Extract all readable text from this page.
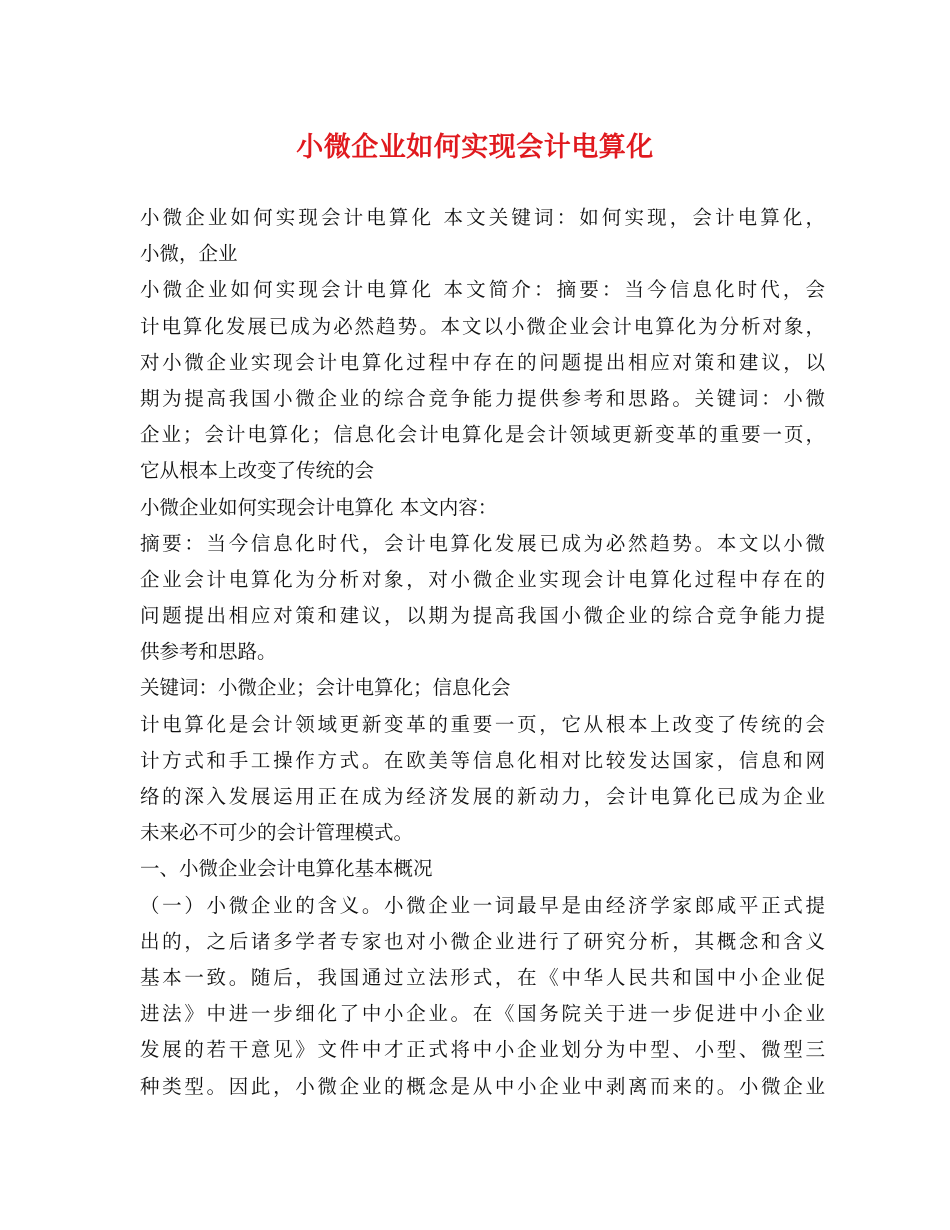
小微企业如何实现会计电算化
小微企业如何实现会计电算化 本文关键词：如何实现，会计电算化，
小微，企业
小微企业如何实现会计电算化 本文简介：摘要：当今信息化时代，会
计电算化发展已成为必然趋势。本文以小微企业会计电算化为分析对象，
对小微企业实现会计电算化过程中存在的问题提出相应对策和建议，以
期为提高我国小微企业的综合竞争能力提供参考和思路。关键词：小微
企业；会计电算化；信息化会计电算化是会计领域更新变革的重要一页，
它从根本上改变了传统的会
小微企业如何实现会计电算化 本文内容：
摘要：当今信息化时代，会计电算化发展已成为必然趋势。本文以小微
企业会计电算化为分析对象，对小微企业实现会计电算化过程中存在的
问题提出相应对策和建议，以期为提高我国小微企业的综合竞争能力提
供参考和思路。
关键词：小微企业；会计电算化；信息化会
计电算化是会计领域更新变革的重要一页，它从根本上改变了传统的会
计方式和手工操作方式。在欧美等信息化相对比较发达国家，信息和网
络的深入发展运用正在成为经济发展的新动力，会计电算化已成为企业
未来必不可少的会计管理模式。
一、小微企业会计电算化基本概况
（一）小微企业的含义。小微企业一词最早是由经济学家郎咸平正式提
出的，之后诸多学者专家也对小微企业进行了研究分析，其概念和含义
基本一致。随后，我国通过立法形式，在《中华人民共和国中小企业促
进法》中进一步细化了中小企业。在《国务院关于进一步促进中小企业
发展的若干意见》文件中才正式将中小企业划分为中型、小型、微型三
种类型。因此，小微企业的概念是从中小企业中剥离而来的。小微企业
